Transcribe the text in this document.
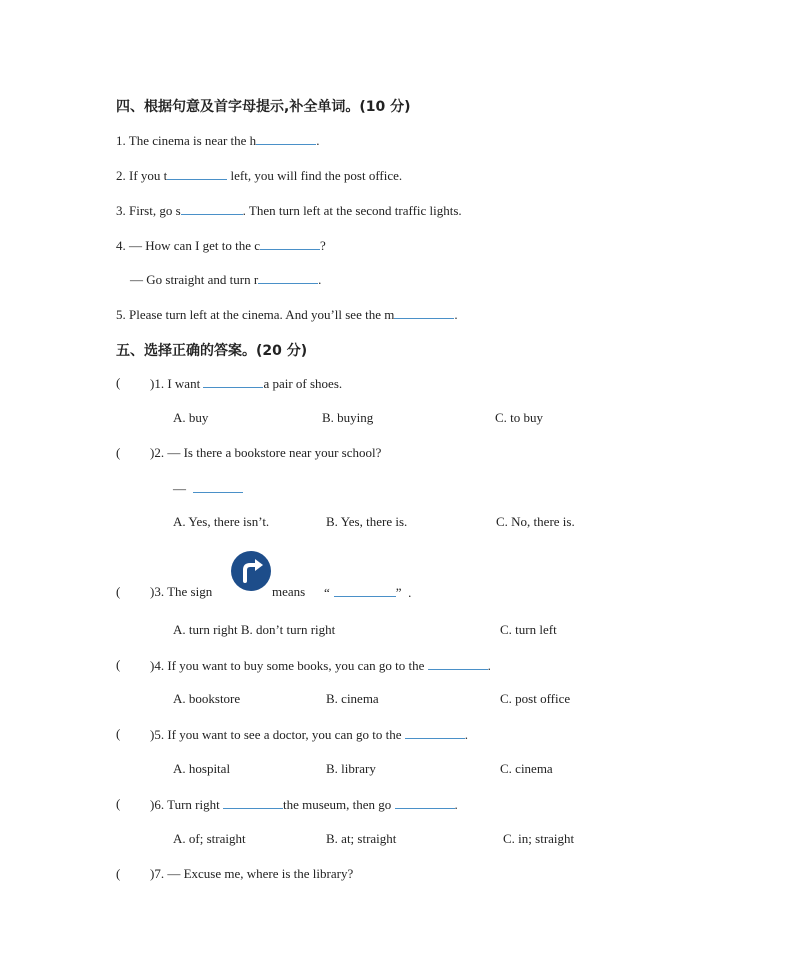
四、根据句意及首字母提示,补全单词。(10 分)
1. The cinema is near the h	.
2. If you t	left, you will find the post office.
3. First, go s	. Then turn left at the second traffic lights.
4. — How can I get to the c	?
— Go straight and turn r	.
5. Please turn left at the cinema. And you’ll see the m	.
五、选择正确的答案。(20 分)
( )1. I want	a pair of shoes.
A. buy	B. buying	C. to buy
( )2. — Is there a bookstore near your school?
—
A. Yes, there isn’t.	B. Yes, there is.	C. No, there is.
( )3. The sign	means “	” .
A. turn right B. don’t turn right	C. turn left
( )4. If you want to buy some books, you can go to the	.
A. bookstore	B. cinema	C. post office
( )5. If you want to see a doctor, you can go to the	.
A. hospital	B. library	C. cinema
( )6. Turn right	the museum, then go	.
A. of; straight	B. at; straight	C. in; straight
( )7. — Excuse me, where is the library?
